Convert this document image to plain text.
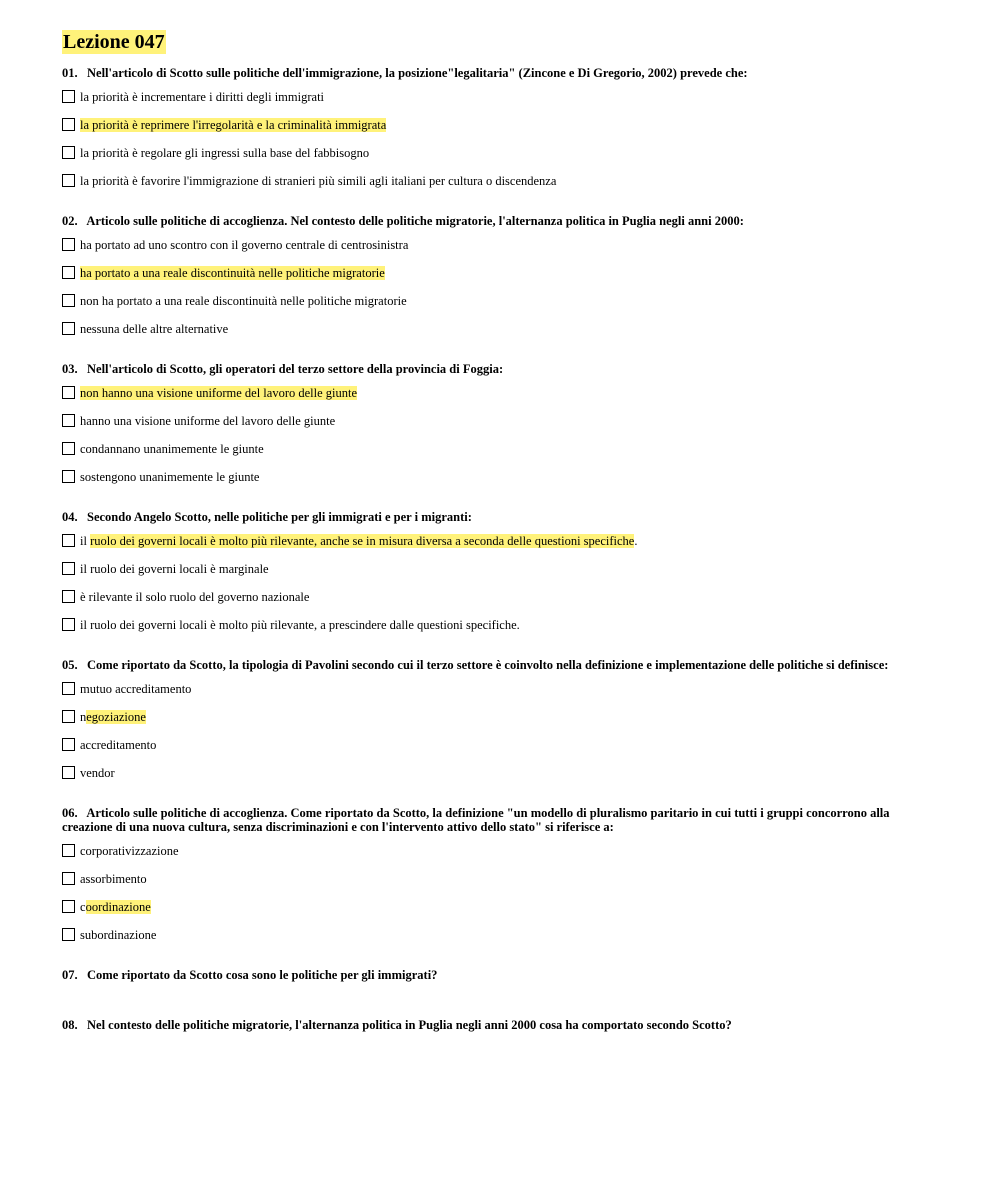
Lezione 047
01. Nell'articolo di Scotto sulle politiche dell'immigrazione, la posizione"legalitaria" (Zincone e Di Gregorio, 2002) prevede che:
la priorità è incrementare i diritti degli immigrati
la priorità è reprimere l'irregolarità e la criminalità immigrata
la priorità è regolare gli ingressi sulla base del fabbisogno
la priorità è favorire l'immigrazione di stranieri più simili agli italiani per cultura o discendenza
02. Articolo sulle politiche di accoglienza. Nel contesto delle politiche migratorie, l'alternanza politica in Puglia negli anni 2000:
ha portato ad uno scontro con il governo centrale di centrosinistra
ha portato a una reale discontinuità nelle politiche migratorie
non ha portato a una reale discontinuità nelle politiche migratorie
nessuna delle altre alternative
03. Nell'articolo di Scotto, gli operatori del terzo settore della provincia di Foggia:
non hanno una visione uniforme del lavoro delle giunte
hanno una visione uniforme del lavoro delle giunte
condannano unanimemente le giunte
sostengono unanimemente le giunte
04. Secondo Angelo Scotto, nelle politiche per gli immigrati e per i migranti:
il ruolo dei governi locali è molto più rilevante, anche se in misura diversa a seconda delle questioni specifiche.
il ruolo dei governi locali è marginale
è rilevante il solo ruolo del governo nazionale
il ruolo dei governi locali è molto più rilevante, a prescindere dalle questioni specifiche.
05. Come riportato da Scotto, la tipologia di Pavolini secondo cui il terzo settore è coinvolto nella definizione e implementazione delle politiche si definisce:
mutuo accreditamento
negoziazione
accreditamento
vendor
06. Articolo sulle politiche di accoglienza. Come riportato da Scotto, la definizione "un modello di pluralismo paritario in cui tutti i gruppi concorrono alla creazione di una nuova cultura, senza discriminazioni e con l'intervento attivo dello stato" si riferisce a:
corporativizzazione
assorbimento
coordinazione
subordinazione
07. Come riportato da Scotto cosa sono le politiche per gli immigrati?
08. Nel contesto delle politiche migratorie, l'alternanza politica in Puglia negli anni 2000 cosa ha comportato secondo Scotto?
